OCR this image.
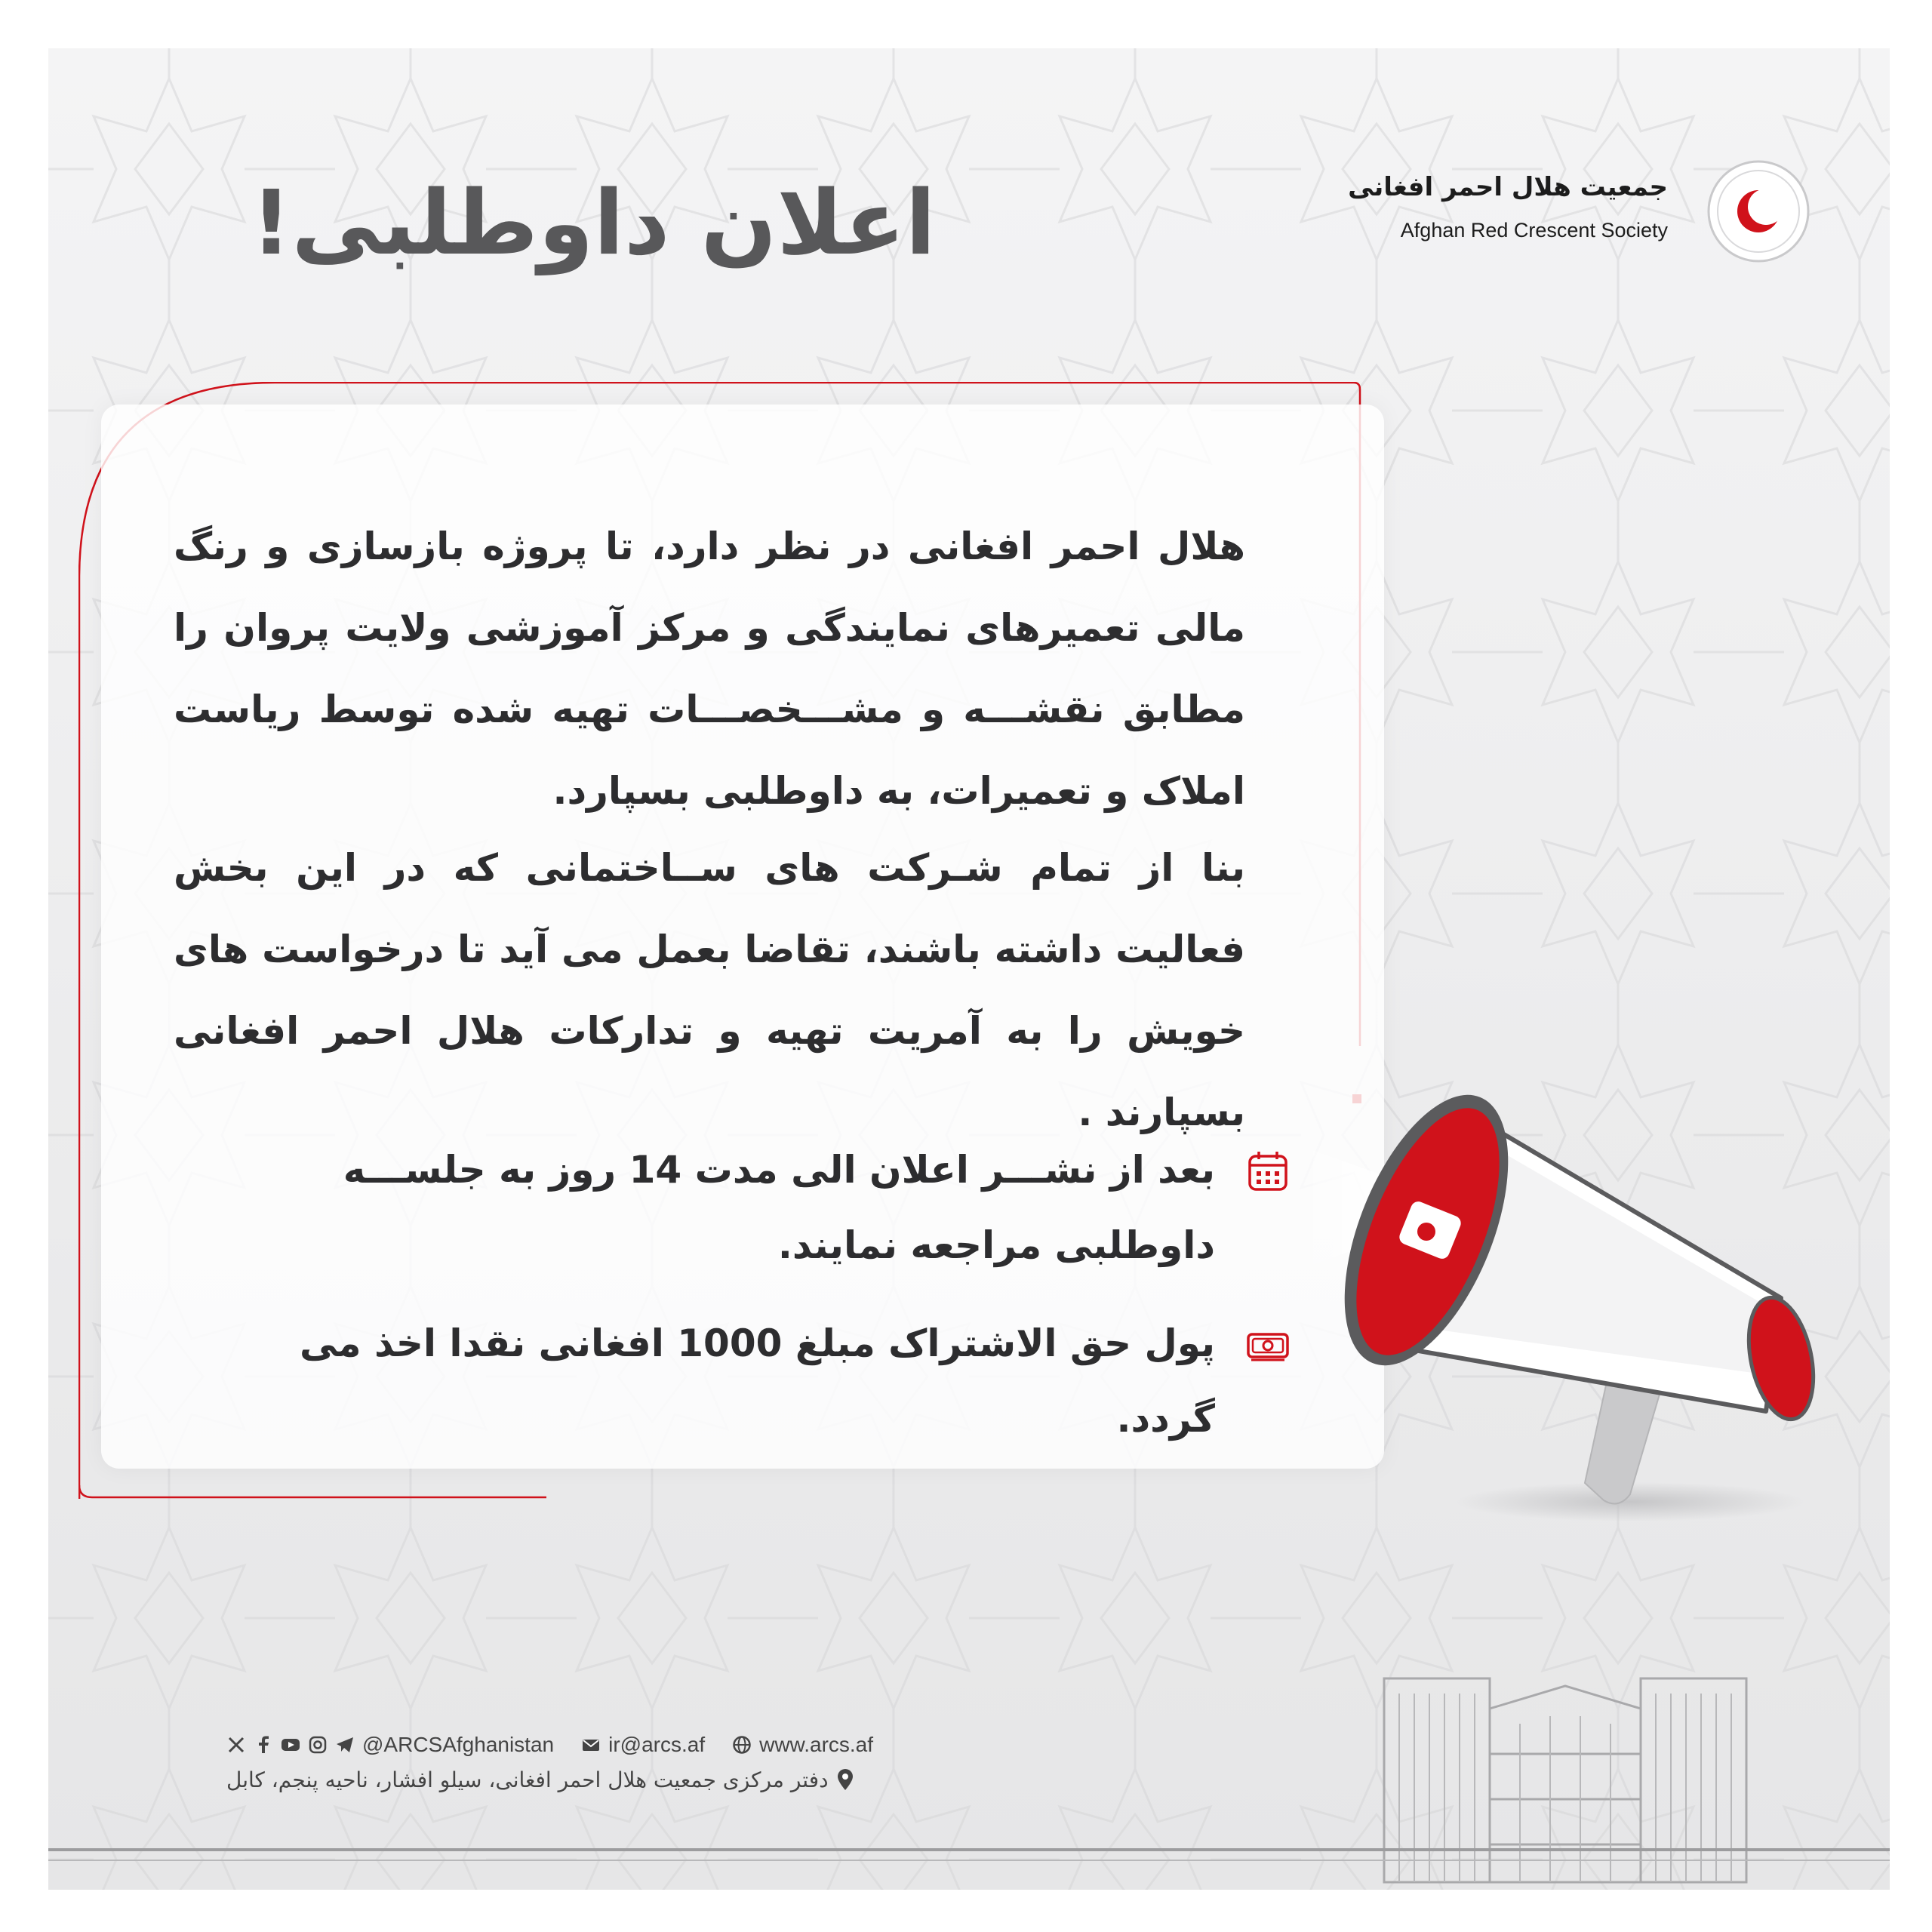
اعلان داوطلبی!	جمعیت هلال احمر افغانی
Afghan Red Crescent Society
هلال احمر افغانی در نظر دارد، تا پروژه بازسازی و رنگ مالی تعمیرهای نمایندگی و مرکز آموزشی ولایت پروان را مطابق نقشـــه و مشـــخصـــات تهیه شده توسط ریاست املاک و تعمیرات، به داوطلبی بسپارد.
بنا از تمام شـرکت های ســاختمانی که در این بخش فعالیت داشته باشند، تقاضا بعمل می آید تا درخواست های خویش را به آمریت تهیه و تدارکات هلال احمر افغانی بسپارند .
بعد از نشـــر اعلان الی مدت 14 روز به جلســـه داوطلبی مراجعه نمایند.
پول حق الاشتراک مبلغ 1000 افغانی نقدا اخذ می گردد.
@ARCSAfghanistan	ir@arcs.af	www.arcs.af
دفتر مرکزی جمعیت هلال احمر افغانی، سیلو افشار، ناحیه پنجم، کابل
